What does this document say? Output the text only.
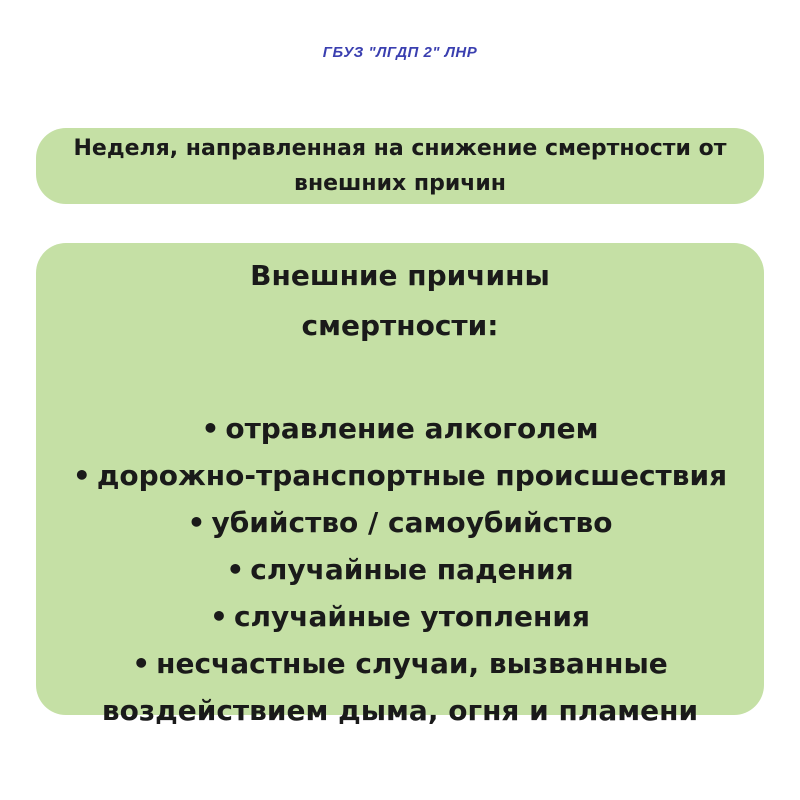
ГБУЗ "ЛГДП 2" ЛНР
Неделя, направленная на снижение смертности от
внешних причин
Внешние причины
смертности:
• отравление алкоголем
• дорожно-транспортные происшествия
• убийство / самоубийство
• случайные падения
• случайные утопления
• несчастные случаи, вызванные
воздействием дыма, огня и пламени
